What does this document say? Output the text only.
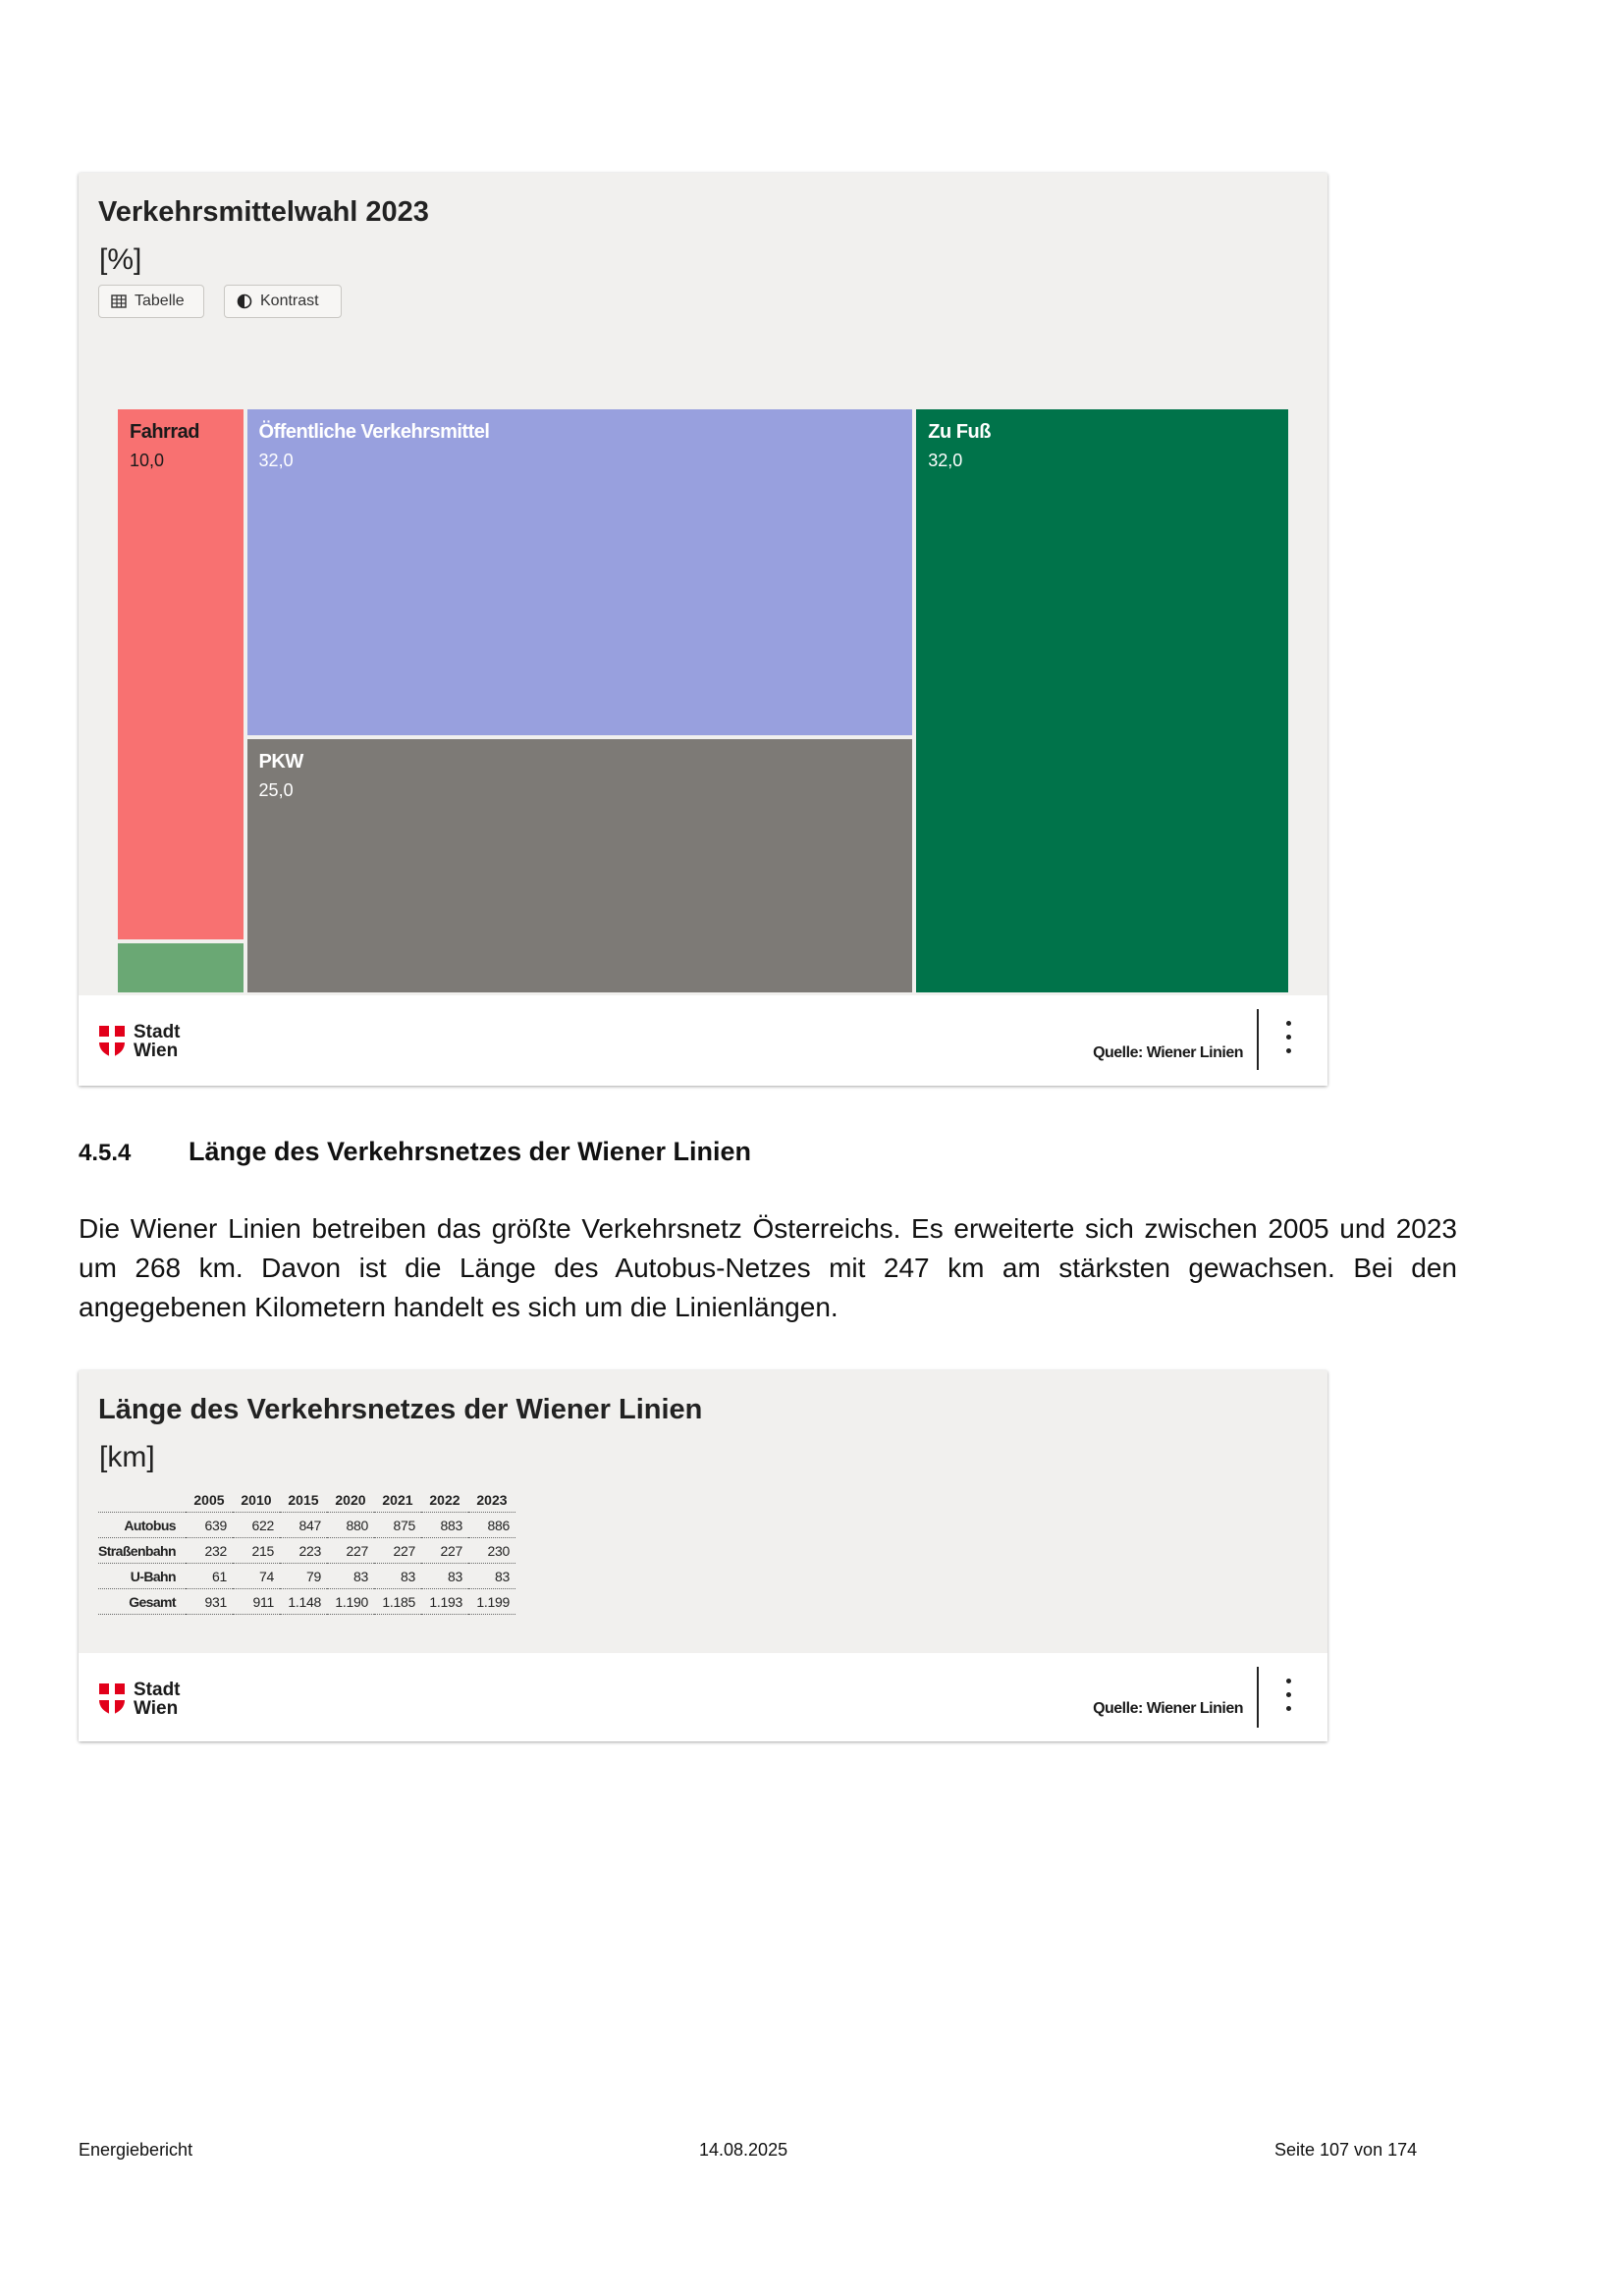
Verkehrsmittelwahl 2023
[%]
Tabelle	Kontrast
Fahrrad
10,0
Öffentliche Verkehrsmittel
32,0
PKW
25,0
Zu Fuß
32,0
Stadt
Wien	Quelle: Wiener Linien
4.5.4 Länge des Verkehrsnetzes der Wiener Linien
Die Wiener Linien betreiben das größte Verkehrsnetz Österreichs. Es erweiterte sich zwischen 2005 und 2023 um 268 km. Davon ist die Länge des Autobus-Netzes mit 247 km am stärksten gewachsen. Bei den angegebenen Kilometern handelt es sich um die Linienlängen.
Länge des Verkehrsnetzes der Wiener Linien
[km]
	2005	2010	2015	2020	2021	2022	2023
Autobus	639	622	847	880	875	883	886
Straßenbahn	232	215	223	227	227	227	230
U-Bahn	61	74	79	83	83	83	83
Gesamt	931	911	1.148	1.190	1.185	1.193	1.199
Stadt
Wien	Quelle: Wiener Linien
Energiebericht	14.08.2025	Seite 107 von 174
